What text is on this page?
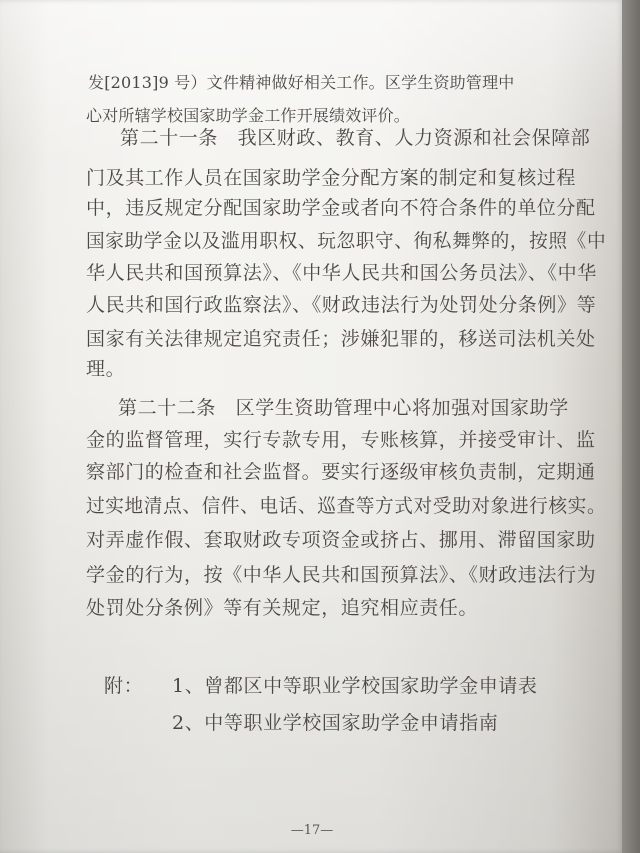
发[2013]9 号）文件精神做好相关工作。区学生资助管理中

心对所辖学校国家助学金工作开展绩效评价。

第二十一条　我区财政、教育、人力资源和社会保障部

门及其工作人员在国家助学金分配方案的制定和复核过程

中，违反规定分配国家助学金或者向不符合条件的单位分配

国家助学金以及滥用职权、玩忽职守、徇私舞弊的，按照《中

华人民共和国预算法》、《中华人民共和国公务员法》、《中华

人民共和国行政监察法》、《财政违法行为处罚处分条例》等

国家有关法律规定追究责任；涉嫌犯罪的，移送司法机关处

理。

第二十二条　区学生资助管理中心将加强对国家助学

金的监督管理，实行专款专用，专账核算，并接受审计、监

察部门的检查和社会监督。要实行逐级审核负责制，定期通

过实地清点、信件、电话、巡查等方式对受助对象进行核实。

对弄虚作假、套取财政专项资金或挤占、挪用、滞留国家助

学金的行为，按《中华人民共和国预算法》、《财政违法行为

处罚处分条例》等有关规定，追究相应责任。

附： 1、曾都区中等职业学校国家助学金申请表

2、中等职业学校国家助学金申请指南

—17—
